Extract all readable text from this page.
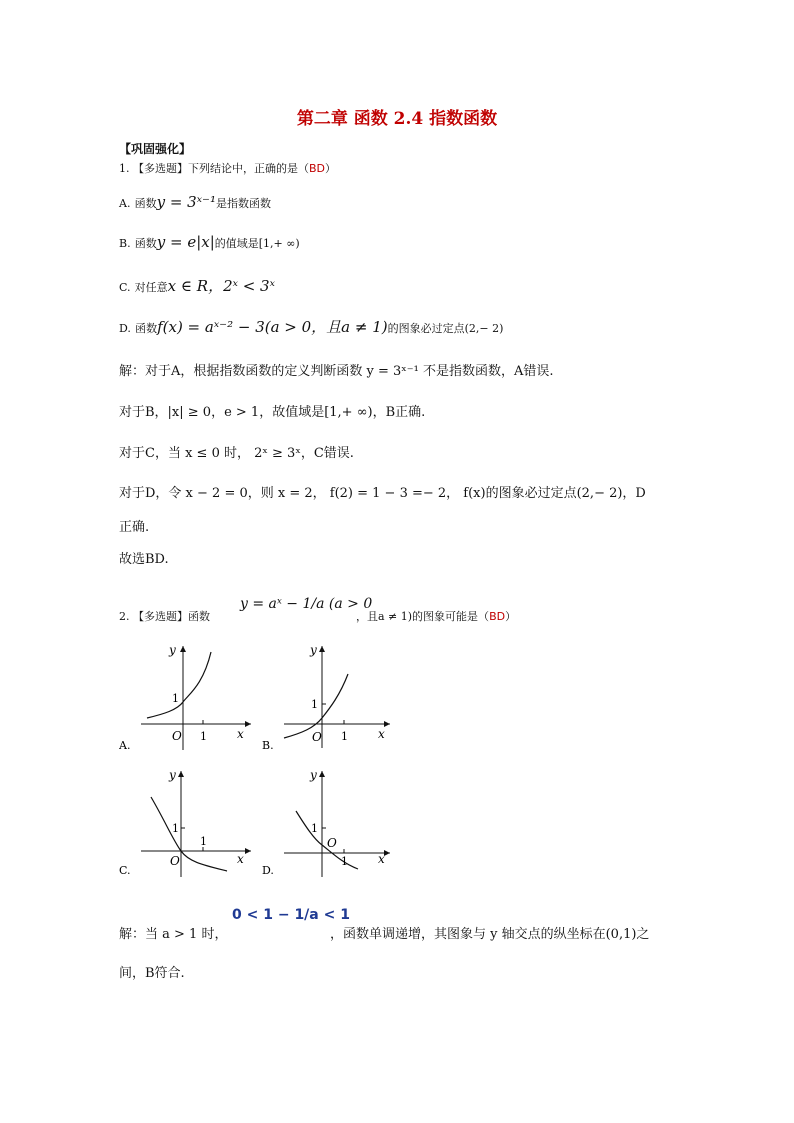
第二章 函数 2.4 指数函数
【巩固强化】
1. 【多选题】下列结论中，正确的是（BD）
A. 函数y = 3ˣ⁻¹是指数函数
B. 函数y = e|x|的值域是[1,+ ∞)
C. 对任意x ∈ R，2ˣ < 3ˣ
D. 函数f(x) = aˣ⁻² − 3(a > 0，且a ≠ 1)的图象必过定点(2,− 2)
解：对于A，根据指数函数的定义判断函数 y = 3ˣ⁻¹ 不是指数函数，A错误.
对于B，|x| ≥ 0，e > 1，故值域是[1,+ ∞)，B正确.
对于C，当 x ≤ 0 时， 2ˣ ≥ 3ˣ，C错误.
对于D，令 x − 2 = 0，则 x = 2， f(2) = 1 − 3 =− 2， f(x)的图象必过定点(2,− 2)，D
正确.
故选BD.
2. 【多选题】函数
y = aˣ − 1/a (a > 0
，且a ≠ 1)的图象可能是（BD）
1
O 1	x
y
A.
1
O 1	x
y
B.
1
O
1
x
y
C.
1
O
1	x
y
D.
解：当 a > 1 时，
0 < 1 − 1/a < 1
，函数单调递增，其图象与 y 轴交点的纵坐标在(0,1)之
间，B符合.
